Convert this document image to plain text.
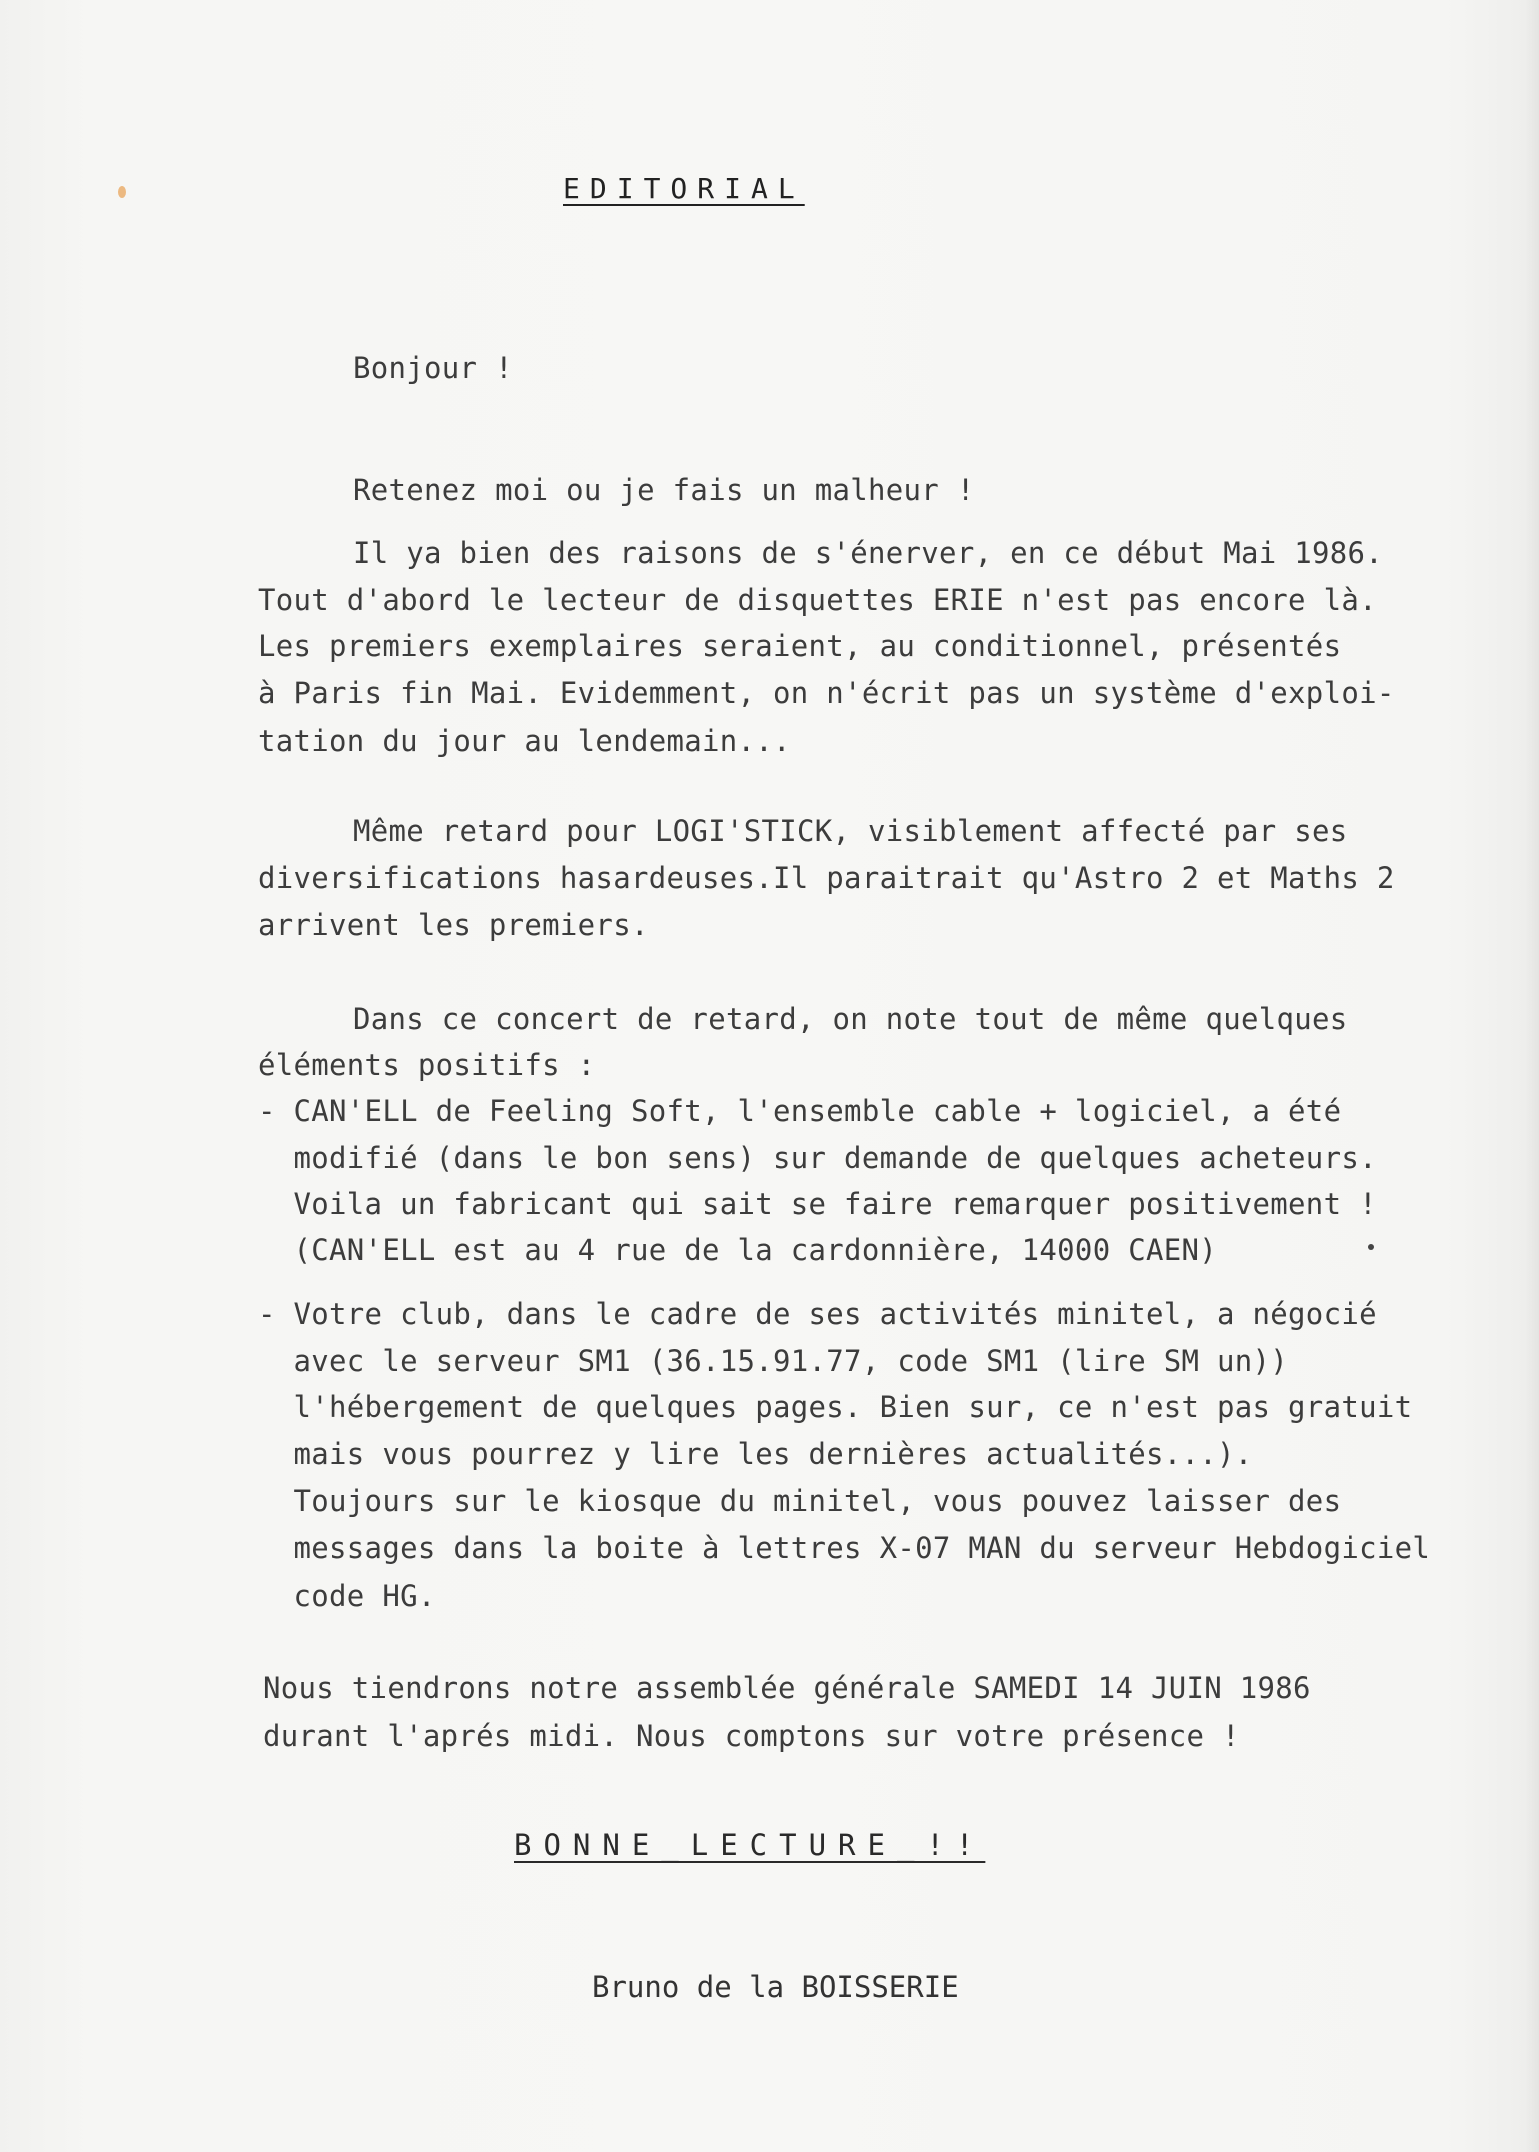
EDITORIAL
Bonjour !
Retenez moi ou je fais un malheur !
Il ya bien des raisons de s'énerver, en ce début Mai 1986.
Tout d'abord le lecteur de disquettes ERIE n'est pas encore là.
Les premiers exemplaires seraient, au conditionnel, présentés
à Paris fin Mai. Evidemment, on n'écrit pas un système d'exploi-
tation du jour au lendemain...
Même retard pour LOGI'STICK, visiblement affecté par ses
diversifications hasardeuses.Il paraitrait qu'Astro 2 et Maths 2
arrivent les premiers.
Dans ce concert de retard, on note tout de même quelques
éléments positifs :
- CAN'ELL de Feeling Soft, l'ensemble cable + logiciel, a été
modifié (dans le bon sens) sur demande de quelques acheteurs.
Voila un fabricant qui sait se faire remarquer positivement !
(CAN'ELL est au 4 rue de la cardonnière, 14000 CAEN)
- Votre club, dans le cadre de ses activités minitel, a négocié
avec le serveur SM1 (36.15.91.77, code SM1 (lire SM un))
l'hébergement de quelques pages. Bien sur, ce n'est pas gratuit
mais vous pourrez y lire les dernières actualités...).
Toujours sur le kiosque du minitel, vous pouvez laisser des
messages dans la boite à lettres X-07 MAN du serveur Hebdogiciel
code HG.
Nous tiendrons notre assemblée générale SAMEDI 14 JUIN 1986
durant l'aprés midi. Nous comptons sur votre présence !
BONNE_LECTURE_!!
Bruno de la BOISSERIE
